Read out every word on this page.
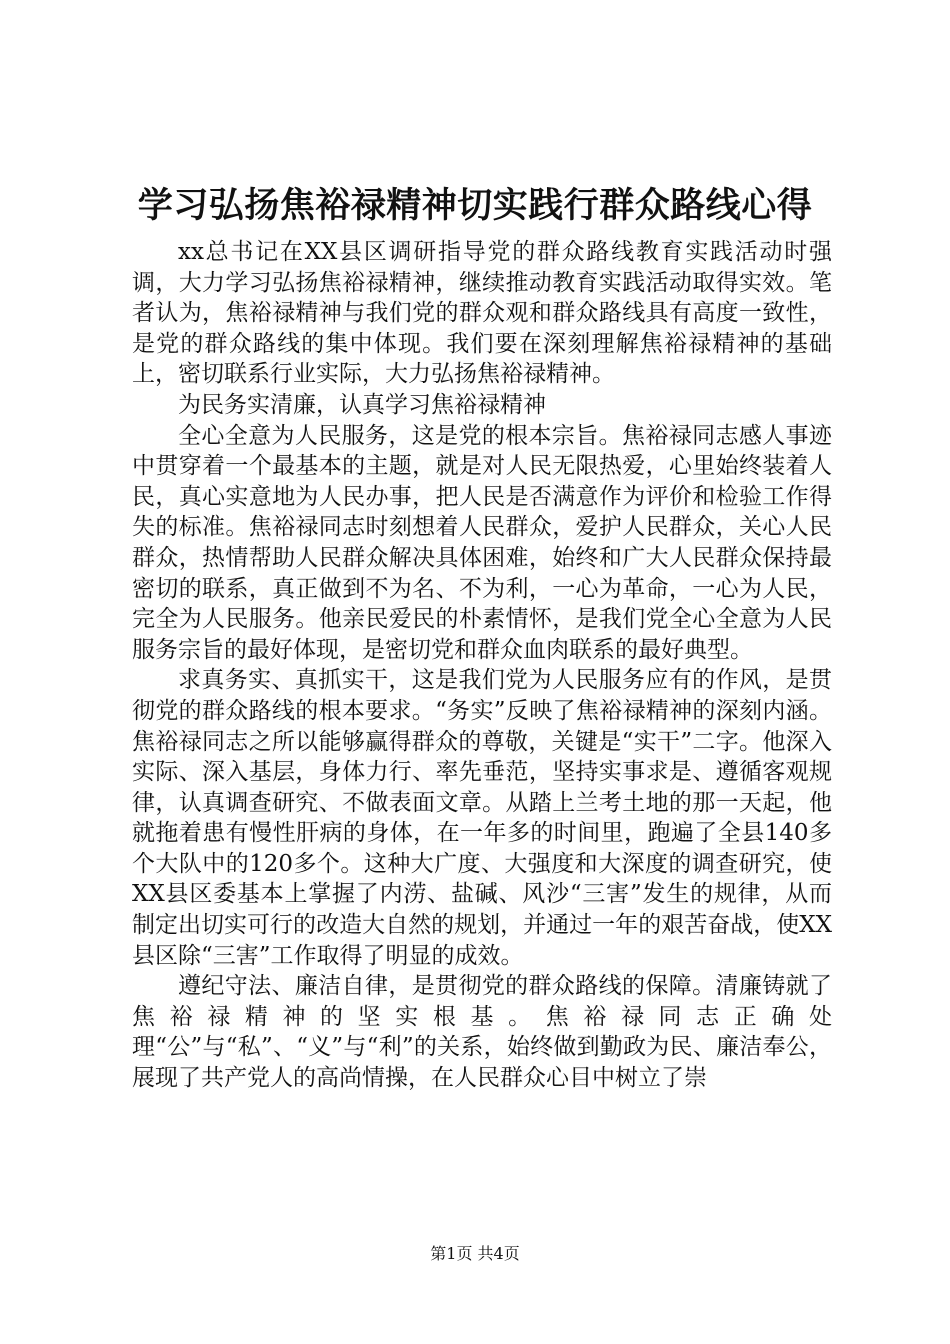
学习弘扬焦裕禄精神切实践行群众路线心得

xx总书记在XX县区调研指导党的群众路线教育实践活动时强调，大力学习弘扬焦裕禄精神，继续推动教育实践活动取得实效。笔者认为，焦裕禄精神与我们党的群众观和群众路线具有高度一致性，是党的群众路线的集中体现。我们要在深刻理解焦裕禄精神的基础上，密切联系行业实际，大力弘扬焦裕禄精神。

为民务实清廉，认真学习焦裕禄精神

全心全意为人民服务，这是党的根本宗旨。焦裕禄同志感人事迹中贯穿着一个最基本的主题，就是对人民无限热爱，心里始终装着人民，真心实意地为人民办事，把人民是否满意作为评价和检验工作得失的标准。焦裕禄同志时刻想着人民群众，爱护人民群众，关心人民群众，热情帮助人民群众解决具体困难，始终和广大人民群众保持最密切的联系，真正做到不为名、不为利，一心为革命，一心为人民，完全为人民服务。他亲民爱民的朴素情怀，是我们党全心全意为人民服务宗旨的最好体现，是密切党和群众血肉联系的最好典型。

求真务实、真抓实干，这是我们党为人民服务应有的作风，是贯彻党的群众路线的根本要求。“务实”反映了焦裕禄精神的深刻内涵。焦裕禄同志之所以能够赢得群众的尊敬，关键是“实干”二字。他深入实际、深入基层，身体力行、率先垂范，坚持实事求是、遵循客观规律，认真调查研究、不做表面文章。从踏上兰考土地的那一天起，他就拖着患有慢性肝病的身体，在一年多的时间里，跑遍了全县140多个大队中的120多个。这种大广度、大强度和大深度的调查研究，使XX县区委基本上掌握了内涝、盐碱、风沙“三害”发生的规律，从而制定出切实可行的改造大自然的规划，并通过一年的艰苦奋战，使XX县区除“三害”工作取得了明显的成效。

遵纪守法、廉洁自律，是贯彻党的群众路线的保障。清廉铸就了焦裕禄精神的坚实根基。焦裕禄同志正确处理“公”与“私”、“义”与“利”的关系，始终做到勤政为民、廉洁奉公，展现了共产党人的高尚情操，在人民群众心目中树立了崇

第1页 共4页
